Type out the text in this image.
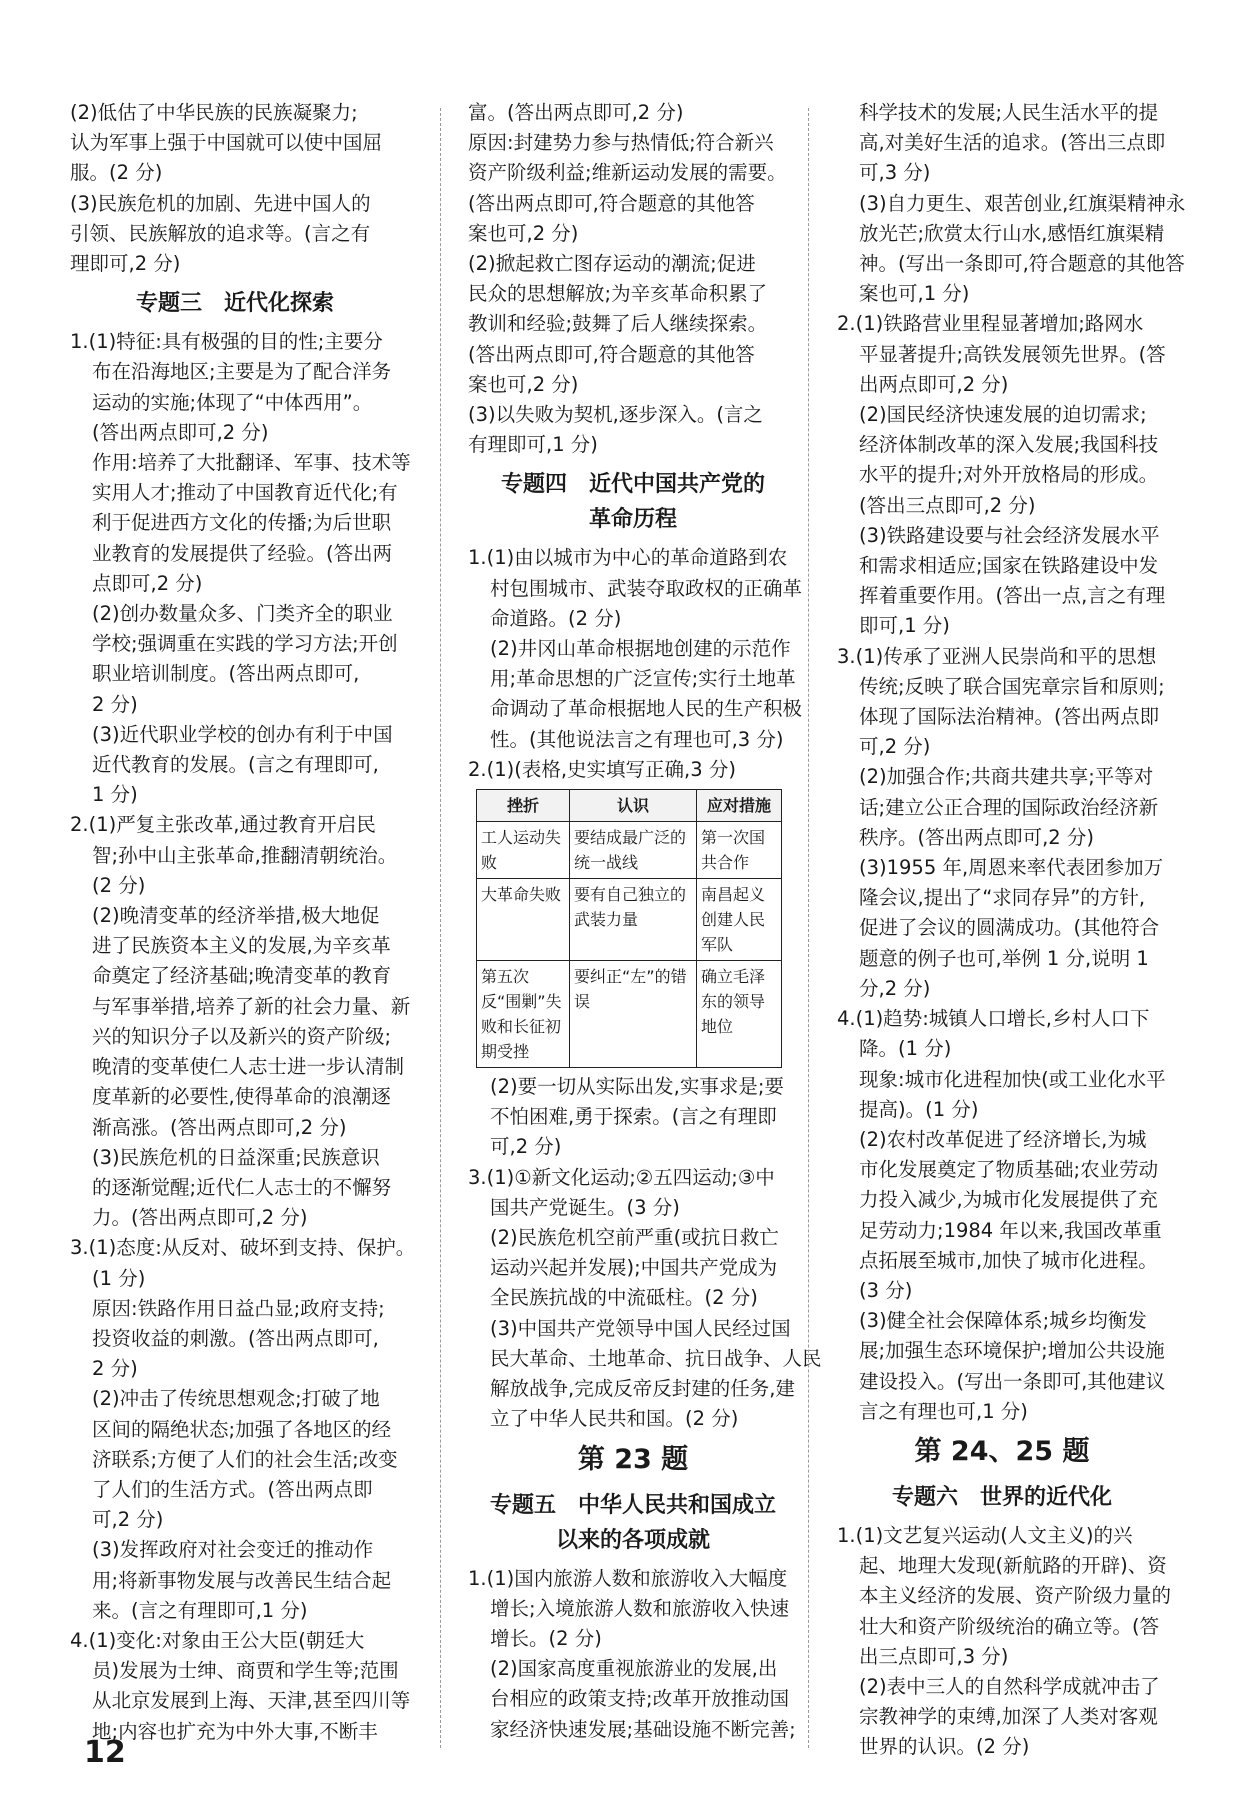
(2)低估了中华民族的民族凝聚力;
认为军事上强于中国就可以使中国屈
服。(2 分)
(3)民族危机的加剧、先进中国人的
引领、民族解放的追求等。(言之有
理即可,2 分)
专题三　近代化探索
1.(1)特征:具有极强的目的性;主要分
布在沿海地区;主要是为了配合洋务
运动的实施;体现了“中体西用”。
(答出两点即可,2 分)
作用:培养了大批翻译、军事、技术等
实用人才;推动了中国教育近代化;有
利于促进西方文化的传播;为后世职
业教育的发展提供了经验。(答出两
点即可,2 分)
(2)创办数量众多、门类齐全的职业
学校;强调重在实践的学习方法;开创
职业培训制度。(答出两点即可,
2 分)
(3)近代职业学校的创办有利于中国
近代教育的发展。(言之有理即可,
1 分)
2.(1)严复主张改革,通过教育开启民
智;孙中山主张革命,推翻清朝统治。
(2 分)
(2)晚清变革的经济举措,极大地促
进了民族资本主义的发展,为辛亥革
命奠定了经济基础;晚清变革的教育
与军事举措,培养了新的社会力量、新
兴的知识分子以及新兴的资产阶级;
晚清的变革使仁人志士进一步认清制
度革新的必要性,使得革命的浪潮逐
渐高涨。(答出两点即可,2 分)
(3)民族危机的日益深重;民族意识
的逐渐觉醒;近代仁人志士的不懈努
力。(答出两点即可,2 分)
3.(1)态度:从反对、破坏到支持、保护。
(1 分)
原因:铁路作用日益凸显;政府支持;
投资收益的刺激。(答出两点即可,
2 分)
(2)冲击了传统思想观念;打破了地
区间的隔绝状态;加强了各地区的经
济联系;方便了人们的社会生活;改变
了人们的生活方式。(答出两点即
可,2 分)
(3)发挥政府对社会变迁的推动作
用;将新事物发展与改善民生结合起
来。(言之有理即可,1 分)
4.(1)变化:对象由王公大臣(朝廷大
员)发展为士绅、商贾和学生等;范围
从北京发展到上海、天津,甚至四川等
地;内容也扩充为中外大事,不断丰
富。(答出两点即可,2 分)
原因:封建势力参与热情低;符合新兴
资产阶级利益;维新运动发展的需要。
(答出两点即可,符合题意的其他答
案也可,2 分)
(2)掀起救亡图存运动的潮流;促进
民众的思想解放;为辛亥革命积累了
教训和经验;鼓舞了后人继续探索。
(答出两点即可,符合题意的其他答
案也可,2 分)
(3)以失败为契机,逐步深入。(言之
有理即可,1 分)
专题四　近代中国共产党的
革命历程
1.(1)由以城市为中心的革命道路到农
村包围城市、武装夺取政权的正确革
命道路。(2 分)
(2)井冈山革命根据地创建的示范作
用;革命思想的广泛宣传;实行土地革
命调动了革命根据地人民的生产积极
性。(其他说法言之有理也可,3 分)
2.(1)(表格,史实填写正确,3 分)
挫折	认识	应对措施
工人运动失败	要结成最广泛的统一战线	第一次国共合作
大革命失败	要有自己独立的武装力量	南昌起义创建人民军队
第五次反“围剿”失败和长征初期受挫	要纠正“左”的错误	确立毛泽东的领导地位
(2)要一切从实际出发,实事求是;要
不怕困难,勇于探索。(言之有理即
可,2 分)
3.(1)①新文化运动;②五四运动;③中
国共产党诞生。(3 分)
(2)民族危机空前严重(或抗日救亡
运动兴起并发展);中国共产党成为
全民族抗战的中流砥柱。(2 分)
(3)中国共产党领导中国人民经过国
民大革命、土地革命、抗日战争、人民
解放战争,完成反帝反封建的任务,建
立了中华人民共和国。(2 分)
第 23 题
专题五　中华人民共和国成立
以来的各项成就
1.(1)国内旅游人数和旅游收入大幅度
增长;入境旅游人数和旅游收入快速
增长。(2 分)
(2)国家高度重视旅游业的发展,出
台相应的政策支持;改革开放推动国
家经济快速发展;基础设施不断完善;
科学技术的发展;人民生活水平的提
高,对美好生活的追求。(答出三点即
可,3 分)
(3)自力更生、艰苦创业,红旗渠精神永
放光芒;欣赏太行山水,感悟红旗渠精
神。(写出一条即可,符合题意的其他答
案也可,1 分)
2.(1)铁路营业里程显著增加;路网水
平显著提升;高铁发展领先世界。(答
出两点即可,2 分)
(2)国民经济快速发展的迫切需求;
经济体制改革的深入发展;我国科技
水平的提升;对外开放格局的形成。
(答出三点即可,2 分)
(3)铁路建设要与社会经济发展水平
和需求相适应;国家在铁路建设中发
挥着重要作用。(答出一点,言之有理
即可,1 分)
3.(1)传承了亚洲人民崇尚和平的思想
传统;反映了联合国宪章宗旨和原则;
体现了国际法治精神。(答出两点即
可,2 分)
(2)加强合作;共商共建共享;平等对
话;建立公正合理的国际政治经济新
秩序。(答出两点即可,2 分)
(3)1955 年,周恩来率代表团参加万
隆会议,提出了“求同存异”的方针,
促进了会议的圆满成功。(其他符合
题意的例子也可,举例 1 分,说明 1
分,2 分)
4.(1)趋势:城镇人口增长,乡村人口下
降。(1 分)
现象:城市化进程加快(或工业化水平
提高)。(1 分)
(2)农村改革促进了经济增长,为城
市化发展奠定了物质基础;农业劳动
力投入减少,为城市化发展提供了充
足劳动力;1984 年以来,我国改革重
点拓展至城市,加快了城市化进程。
(3 分)
(3)健全社会保障体系;城乡均衡发
展;加强生态环境保护;增加公共设施
建设投入。(写出一条即可,其他建议
言之有理也可,1 分)
第 24、25 题
专题六　世界的近代化
1.(1)文艺复兴运动(人文主义)的兴
起、地理大发现(新航路的开辟)、资
本主义经济的发展、资产阶级力量的
壮大和资产阶级统治的确立等。(答
出三点即可,3 分)
(2)表中三人的自然科学成就冲击了
宗教神学的束缚,加深了人类对客观
世界的认识。(2 分)
12
